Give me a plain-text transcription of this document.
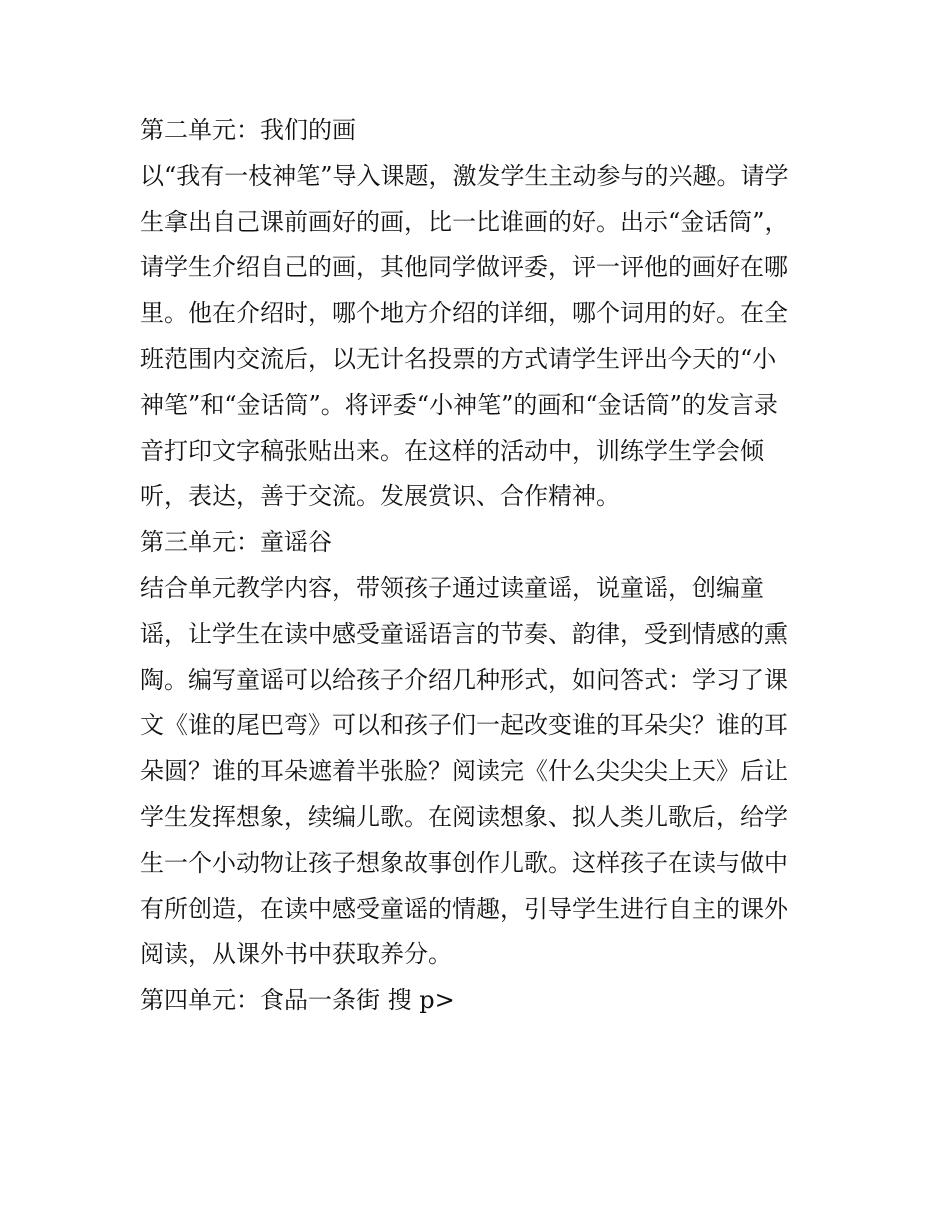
第二单元：我们的画
以“我有一枝神笔”导入课题，激发学生主动参与的兴趣。请学
生拿出自己课前画好的画，比一比谁画的好。出示“金话筒”，
请学生介绍自己的画，其他同学做评委，评一评他的画好在哪
里。他在介绍时，哪个地方介绍的详细，哪个词用的好。在全
班范围内交流后，以无计名投票的方式请学生评出今天的“小
神笔”和“金话筒”。将评委“小神笔”的画和“金话筒”的发言录
音打印文字稿张贴出来。在这样的活动中，训练学生学会倾
听，表达，善于交流。发展赏识、合作精神。
第三单元：童谣谷
结合单元教学内容，带领孩子通过读童谣，说童谣，创编童
谣，让学生在读中感受童谣语言的节奏、韵律，受到情感的熏
陶。编写童谣可以给孩子介绍几种形式，如问答式：学习了课
文《谁的尾巴弯》可以和孩子们一起改变谁的耳朵尖？谁的耳
朵圆？谁的耳朵遮着半张脸？阅读完《什么尖尖尖上天》后让
学生发挥想象，续编儿歌。在阅读想象、拟人类儿歌后，给学
生一个小动物让孩子想象故事创作儿歌。这样孩子在读与做中
有所创造，在读中感受童谣的情趣，引导学生进行自主的课外
阅读，从课外书中获取养分。
第四单元：食品一条街 搜 p>
